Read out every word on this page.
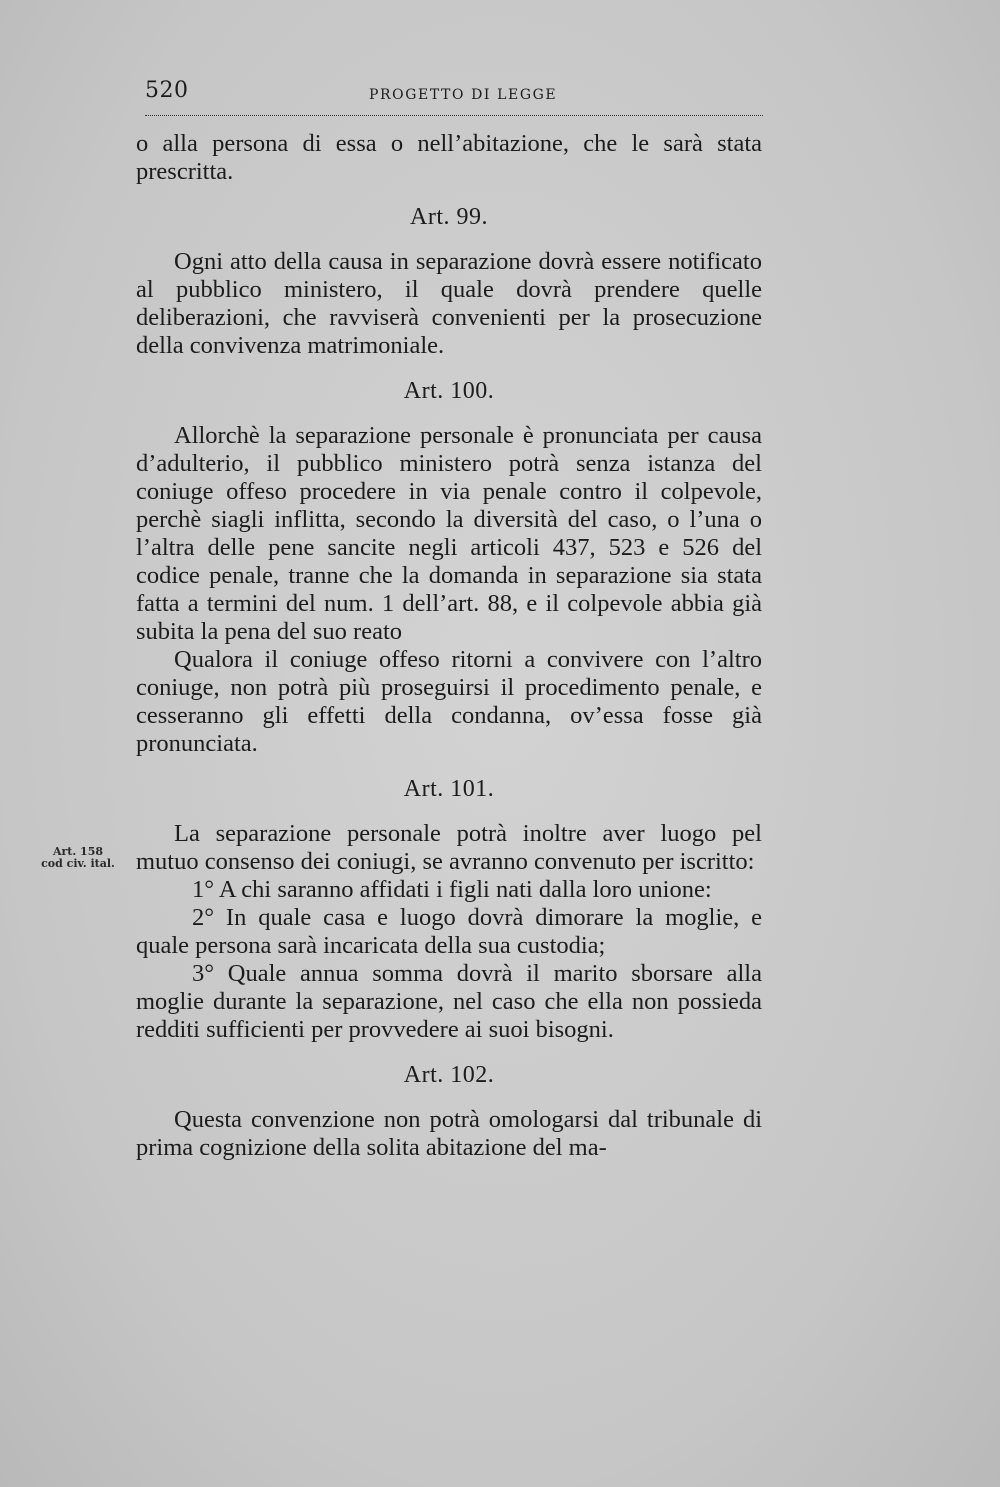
520	PROGETTO DI LEGGE
Art. 158
cod civ. ital.

o alla persona di essa o nell’abitazione, che le sarà stata prescritta.

Art. 99.

Ogni atto della causa in separazione dovrà essere notificato al pubblico ministero, il quale dovrà prendere quelle deliberazioni, che ravviserà convenienti per la prosecuzione della convivenza matrimoniale.

Art. 100.

Allorchè la separazione personale è pronunciata per causa d’adulterio, il pubblico ministero potrà senza istanza del coniuge offeso procedere in via penale contro il colpevole, perchè siagli inflitta, secondo la diversità del caso, o l’una o l’altra delle pene sancite negli articoli 437, 523 e 526 del codice penale, tranne che la domanda in separazione sia stata fatta a termini del num. 1 dell’art. 88, e il colpevole abbia già subita la pena del suo reato

Qualora il coniuge offeso ritorni a convivere con l’altro coniuge, non potrà più proseguirsi il procedimento penale, e cesseranno gli effetti della condanna, ov’essa fosse già pronunciata.

Art. 101.

La separazione personale potrà inoltre aver luogo pel mutuo consenso dei coniugi, se avranno convenuto per iscritto:

1° A chi saranno affidati i figli nati dalla loro unione:

2° In quale casa e luogo dovrà dimorare la moglie, e quale persona sarà incaricata della sua custodia;

3° Quale annua somma dovrà il marito sborsare alla moglie durante la separazione, nel caso che ella non possieda redditi sufficienti per provvedere ai suoi bisogni.

Art. 102.

Questa convenzione non potrà omologarsi dal tribunale di prima cognizione della solita abitazione del ma-
